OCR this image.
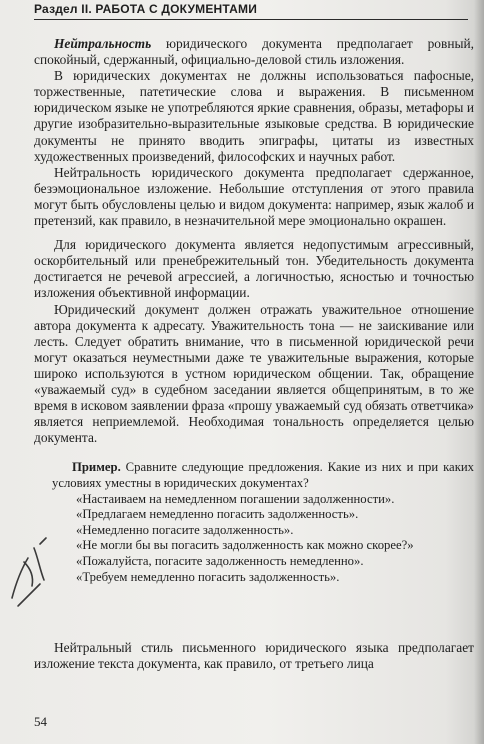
Раздел II. РАБОТА С ДОКУМЕНТАМИ

Нейтральность юридического документа предполагает ровный, спокойный, сдержанный, официально-деловой стиль изложения.

В юридических документах не должны использоваться пафосные, торжественные, патетические слова и выражения. В письменном юридическом языке не употребляются яркие сравнения, образы, метафоры и другие изобразительно-выразительные языковые средства. В юридические документы не принято вводить эпиграфы, цитаты из известных художественных произведений, философских и научных работ.

Нейтральность юридического документа предполагает сдержанное, безэмоциональное изложение. Небольшие отступления от этого правила могут быть обусловлены целью и видом документа: например, язык жалоб и претензий, как правило, в незначительной мере эмоционально окрашен.

Для юридического документа является недопустимым агрессивный, оскорбительный или пренебрежительный тон. Убедительность документа достигается не речевой агрессией, а логичностью, ясностью и точностью изложения объективной информации.

Юридический документ должен отражать уважительное отношение автора документа к адресату. Уважительность тона — не заискивание или лесть. Следует обратить внимание, что в письменной юридической речи могут оказаться неуместными даже те уважительные выражения, которые широко используются в устном юридическом общении. Так, обращение «уважаемый суд» в судебном заседании является общепринятым, в то же время в исковом заявлении фраза «прошу уважаемый суд обязать ответчика» является неприемлемой. Необходимая тональность определяется целью документа.

Пример. Сравните следующие предложения. Какие из них и при каких условиях уместны в юридических документах?

«Настаиваем на немедленном погашении задолженности».
«Предлагаем немедленно погасить задолженность».
«Немедленно погасите задолженность».
«Не могли бы вы погасить задолженность как можно скорее?»
«Пожалуйста, погасите задолженность немедленно».
«Требуем немедленно погасить задолженность».

Нейтральный стиль письменного юридического языка предполагает изложение текста документа, как правило, от третьего лица

54
